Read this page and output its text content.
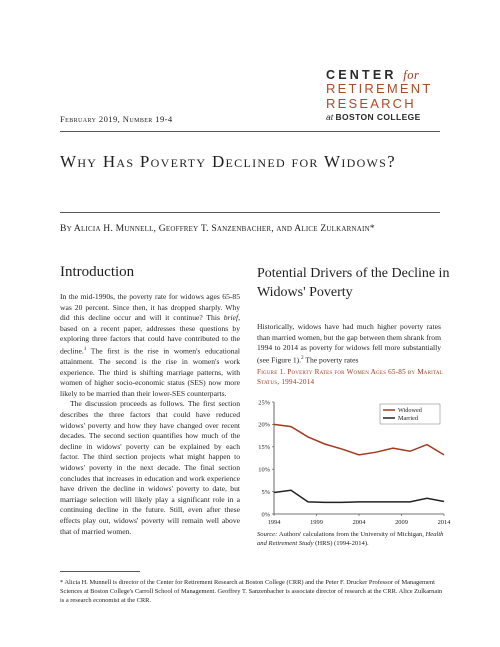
CENTER for
RETIREMENT
RESEARCH
at BOSTON COLLEGE
February 2019, Number 19-4
Why Has Poverty Declined for Widows?
By Alicia H. Munnell, Geoffrey T. Sanzenbacher, and Alice Zulkarnain*
Introduction

In the mid-1990s, the poverty rate for widows ages 65-85 was 20 percent. Since then, it has dropped sharply. Why did this decline occur and will it continue? This brief, based on a recent paper, addresses these questions by exploring three factors that could have contributed to the decline.$^1$ The first is the rise in women's educational attainment. The second is the rise in women's work experience. The third is shifting marriage patterns, with women of higher socio-economic status (SES) now more likely to be married than their lower-SES counterparts.

The discussion proceeds as follows. The first section describes the three factors that could have reduced widows' poverty and how they have changed over recent decades. The second section quantifies how much of the decline in widows' poverty can be explained by each factor. The third section projects what might happen to widows' poverty in the next decade. The final section concludes that increases in education and work experience have driven the decline in widows' poverty to date, but marriage selection will likely play a significant role in a continuing decline in the future. Still, even after these effects play out, widows' poverty will remain well above that of married women.

Potential Drivers of the Decline in Widows' Poverty

Historically, widows have had much higher poverty rates than married women, but the gap between them shrank from 1994 to 2014 as poverty for widows fell more substantially (see Figure 1).$^2$ The poverty rates

Figure 1. Poverty Rates for Women Ages 65-85 by Marital Status, 1994-2014
0%
5%
10%
15%
20%
25%
1994	1999	2004	2009	2014
Widowed
Married
Source: Authors' calculations from the University of Michigan, Health and Retirement Study (HRS) (1994-2014).
* Alicia H. Munnell is director of the Center for Retirement Research at Boston College (CRR) and the Peter F. Drucker Professor of Management Sciences at Boston College's Carroll School of Management. Geoffrey T. Sanzenbacher is associate director of research at the CRR. Alice Zulkarnain is a research economist at the CRR.
